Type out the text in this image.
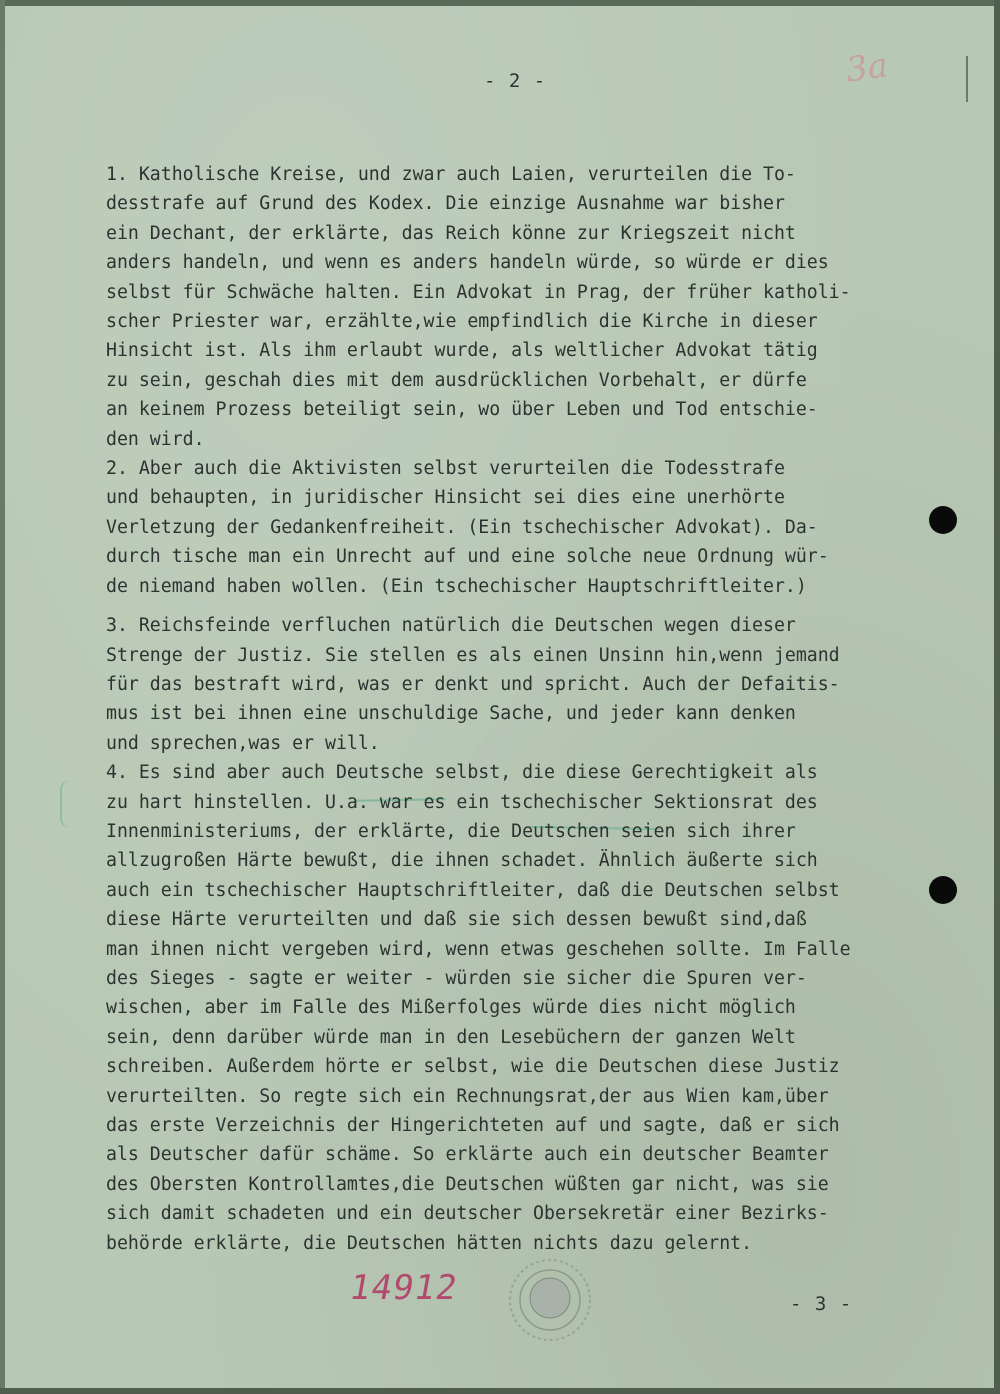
- 2 -	3a
1. Katholische Kreise, und zwar auch Laien, verurteilen die To-
desstrafe auf Grund des Kodex. Die einzige Ausnahme war bisher
ein Dechant, der erklärte, das Reich könne zur Kriegszeit nicht
anders handeln, und wenn es anders handeln würde, so würde er dies
selbst für Schwäche halten. Ein Advokat in Prag, der früher katholi-
scher Priester war, erzählte,wie empfindlich die Kirche in dieser
Hinsicht ist. Als ihm erlaubt wurde, als weltlicher Advokat tätig
zu sein, geschah dies mit dem ausdrücklichen Vorbehalt, er dürfe
an keinem Prozess beteiligt sein, wo über Leben und Tod entschie-
den wird.
2. Aber auch die Aktivisten selbst verurteilen die Todesstrafe
und behaupten, in juridischer Hinsicht sei dies eine unerhörte
Verletzung der Gedankenfreiheit. (Ein tschechischer Advokat). Da-
durch tische man ein Unrecht auf und eine solche neue Ordnung wür-
de niemand haben wollen. (Ein tschechischer Hauptschriftleiter.)
3. Reichsfeinde verfluchen natürlich die Deutschen wegen dieser
Strenge der Justiz. Sie stellen es als einen Unsinn hin,wenn jemand
für das bestraft wird, was er denkt und spricht. Auch der Defaitis-
mus ist bei ihnen eine unschuldige Sache, und jeder kann denken
und sprechen,was er will.
4. Es sind aber auch Deutsche selbst, die diese Gerechtigkeit als
zu hart hinstellen. U.a. war es ein tschechischer Sektionsrat des
Innenministeriums, der erklärte, die Deutschen seien sich ihrer
allzugroßen Härte bewußt, die ihnen schadet. Ähnlich äußerte sich
auch ein tschechischer Hauptschriftleiter, daß die Deutschen selbst
diese Härte verurteilten und daß sie sich dessen bewußt sind,daß
man ihnen nicht vergeben wird, wenn etwas geschehen sollte. Im Falle
des Sieges - sagte er weiter - würden sie sicher die Spuren ver-
wischen, aber im Falle des Mißerfolges würde dies nicht möglich
sein, denn darüber würde man in den Lesebüchern der ganzen Welt
schreiben. Außerdem hörte er selbst, wie die Deutschen diese Justiz
verurteilten. So regte sich ein Rechnungsrat,der aus Wien kam,über
das erste Verzeichnis der Hingerichteten auf und sagte, daß er sich
als Deutscher dafür schäme. So erklärte auch ein deutscher Beamter
des Obersten Kontrollamtes,die Deutschen wüßten gar nicht, was sie
sich damit schadeten und ein deutscher Obersekretär einer Bezirks-
behörde erklärte, die Deutschen hätten nichts dazu gelernt.
14912	- 3 -
